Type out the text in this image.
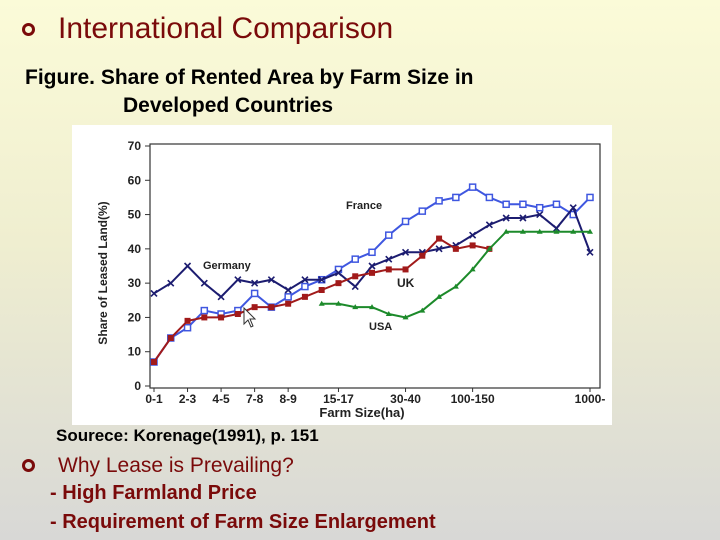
International Comparison
Figure. Share of Rented Area by Farm Size in
Developed Countries
0
10
20
30
40
50
60
70
0-1 2-3 4-5 7-8 8-9 15-17	30-40 100-150	1000-
Share of Leased Land(%)
Farm Size(ha)
France
Germany
UK
USA
Sourece: Korenage(1991), p. 151
Why Lease is Prevailing?
- High Farmland Price
- Requirement of Farm Size Enlargement
